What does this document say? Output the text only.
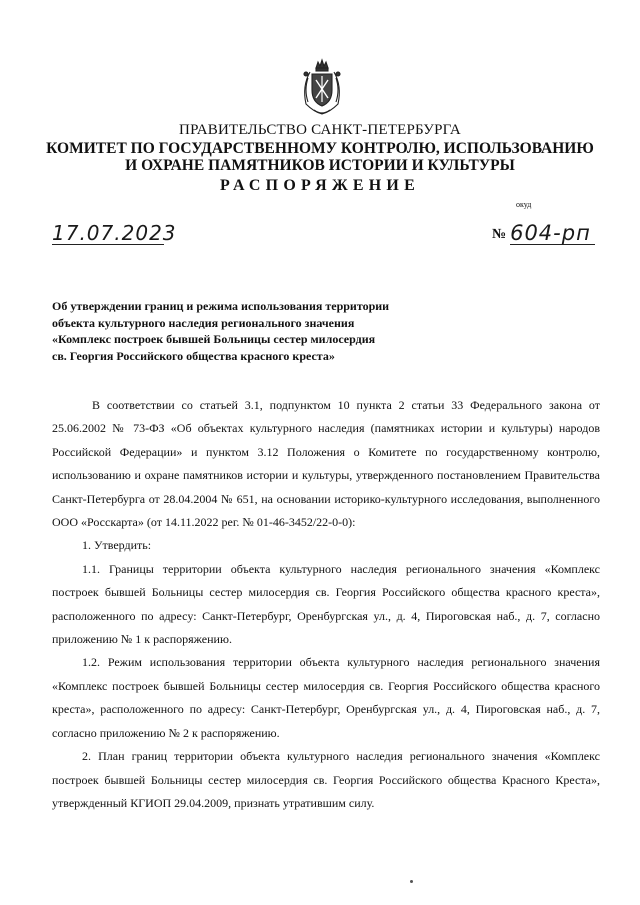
ПРАВИТЕЛЬСТВО САНКТ-ПЕТЕРБУРГА
КОМИТЕТ ПО ГОСУДАРСТВЕННОМУ КОНТРОЛЮ, ИСПОЛЬЗОВАНИЮ
И ОХРАНЕ ПАМЯТНИКОВ ИСТОРИИ И КУЛЬТУРЫ
РАСПОРЯЖЕНИЕ
окуд
17.07.2023	№ 604-рп
Об утверждении границ и режима использования территории
объекта культурного наследия регионального значения
«Комплекс построек бывшей Больницы сестер милосердия
св. Георгия Российского общества красного креста»

В соответствии со статьей 3.1, подпунктом 10 пункта 2 статьи 33 Федерального закона от 25.06.2002 № 73-ФЗ «Об объектах культурного наследия (памятниках истории и культуры) народов Российской Федерации» и пунктом 3.12 Положения о Комитете по государственному контролю, использованию и охране памятников истории и культуры, утвержденного постановлением Правительства Санкт-Петербурга от 28.04.2004 № 651, на основании историко-культурного исследования, выполненного ООО «Росскарта» (от 14.11.2022 рег. № 01-46-3452/22-0-0):

1. Утвердить:

1.1. Границы территории объекта культурного наследия регионального значения «Комплекс построек бывшей Больницы сестер милосердия св. Георгия Российского общества красного креста», расположенного по адресу: Санкт-Петербург, Оренбургская ул., д. 4, Пироговская наб., д. 7, согласно приложению № 1 к распоряжению.

1.2. Режим использования территории объекта культурного наследия регионального значения «Комплекс построек бывшей Больницы сестер милосердия св. Георгия Российского общества красного креста», расположенного по адресу: Санкт-Петербург, Оренбургская ул., д. 4, Пироговская наб., д. 7, согласно приложению № 2 к распоряжению.

2. План границ территории объекта культурного наследия регионального значения «Комплекс построек бывшей Больницы сестер милосердия св. Георгия Российского общества Красного Креста», утвержденный КГИОП 29.04.2009, признать утратившим силу.
